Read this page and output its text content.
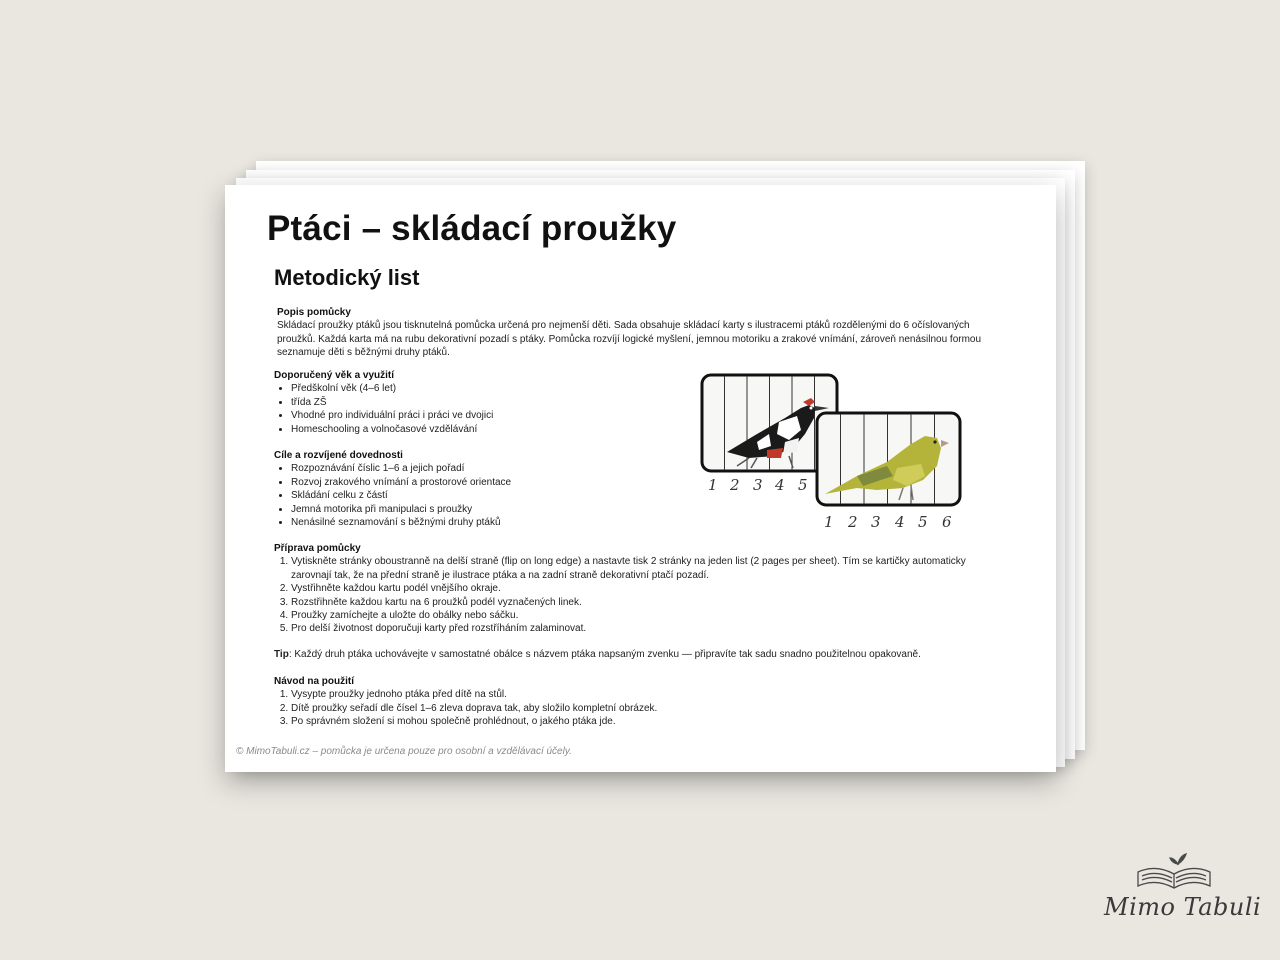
Ptáci – skládací proužky
Metodický list
Popis pomůcky
Skládací proužky ptáků jsou tisknutelná pomůcka určená pro nejmenší děti. Sada obsahuje skládací karty s ilustracemi ptáků rozdělenými do 6 očíslovaných proužků. Každá karta má na rubu dekorativní pozadí s ptáky. Pomůcka rozvíjí logické myšlení, jemnou motoriku a zrakové vnímání, zároveň nenásilnou formou seznamuje děti s běžnými druhy ptáků.
Doporučený věk a využití
• Předškolní věk (4–6 let)
• třída ZŠ
• Vhodné pro individuální práci i práci ve dvojici
• Homeschooling a volnočasové vzdělávání
Cíle a rozvíjené dovednosti
• Rozpoznávání číslic 1–6 a jejich pořadí
• Rozvoj zrakového vnímání a prostorové orientace
• Skládání celku z částí
• Jemná motorika při manipulaci s proužky
• Nenásilné seznamování s běžnými druhy ptáků
Příprava pomůcky
1. Vytiskněte stránky oboustranně na delší straně (flip on long edge) a nastavte tisk 2 stránky na jeden list (2 pages per sheet). Tím se kartičky automaticky zarovnají tak, že na přední straně je ilustrace ptáka a na zadní straně dekorativní ptačí pozadí.
2. Vystřihněte každou kartu podél vnějšího okraje.
3. Rozstřihněte každou kartu na 6 proužků podél vyznačených linek.
4. Proužky zamíchejte a uložte do obálky nebo sáčku.
5. Pro delší životnost doporučuji karty před rozstříháním zalaminovat.
Tip: Každý druh ptáka uchovávejte v samostatné obálce s názvem ptáka napsaným zvenku — připravíte tak sadu snadno použitelnou opakovaně.
Návod na použití
1. Vysypte proužky jednoho ptáka před dítě na stůl.
2. Dítě proužky seřadí dle čísel 1–6 zleva doprava tak, aby složilo kompletní obrázek.
3. Po správném složení si mohou společně prohlédnout, o jakého ptáka jde.
1 2 3 4 5
1 2 3 4 5 6
© MimoTabuli.cz – pomůcka je určena pouze pro osobní a vzdělávací účely.
Mimo Tabuli
